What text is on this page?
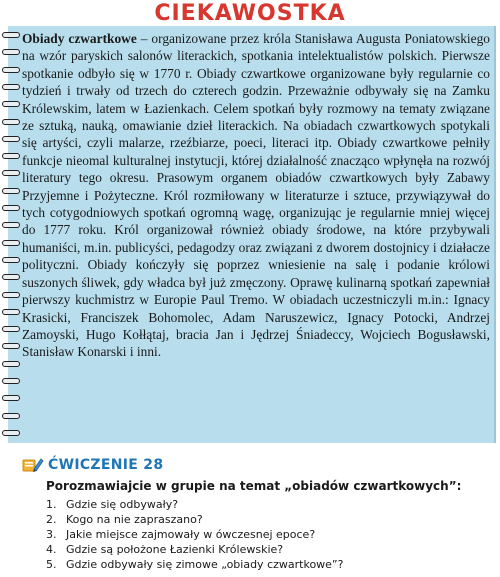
CIEKAWOSTKA
Obiady czwartkowe – organizowane przez króla Stanisława Augusta Poniatowskiego na wzór paryskich salonów literackich, spotkania intelektualistów polskich. Pierwsze spotkanie odbyło się w 1770 r. Obiady czwartkowe organizowane były regularnie co tydzień i trwały od trzech do czterech godzin. Przeważnie odbywały się na Zamku Królewskim, latem w Łazienkach. Celem spotkań były rozmowy na tematy związane ze sztuką, nauką, omawianie dzieł literackich. Na obiadach czwartkowych spotykali się artyści, czyli malarze, rzeźbiarze, poeci, literaci itp. Obiady czwartkowe pełniły funkcje nieomal kulturalnej instytucji, której działalność znacząco wpłynęła na rozwój literatury tego okresu. Prasowym organem obiadów czwartkowych były Zabawy Przyjemne i Pożyteczne. Król rozmiłowany w literaturze i sztuce, przywiązywał do tych cotygodniowych spotkań ogromną wagę, organizując je regularnie mniej więcej do 1777 roku. Król organizował również obiady środowe, na które przybywali humaniści, m.in. publicyści, pedagodzy oraz związani z dworem dostojnicy i działacze polityczni. Obiady kończyły się poprzez wniesienie na salę i podanie królowi suszonych śliwek, gdy władca był już zmęczony. Oprawę kulinarną spotkań zapewniał pierwszy kuchmistrz w Europie Paul Tremo. W obiadach uczestniczyli m.in.: Ignacy Krasicki, Franciszek Bohomolec, Adam Naruszewicz, Ignacy Potocki, Andrzej Zamoyski, Hugo Kołłątaj, bracia Jan i Jędrzej Śniadeccy, Wojciech Bogusławski, Stanisław Konarski i inni.
ĆWICZENIE 28
Porozmawiajcie w grupie na temat „obiadów czwartkowych”:
1. Gdzie się odbywały?
2. Kogo na nie zapraszano?
3. Jakie miejsce zajmowały w ówczesnej epoce?
4. Gdzie są położone Łazienki Królewskie?
5. Gdzie odbywały się zimowe „obiady czwartkowe”?
